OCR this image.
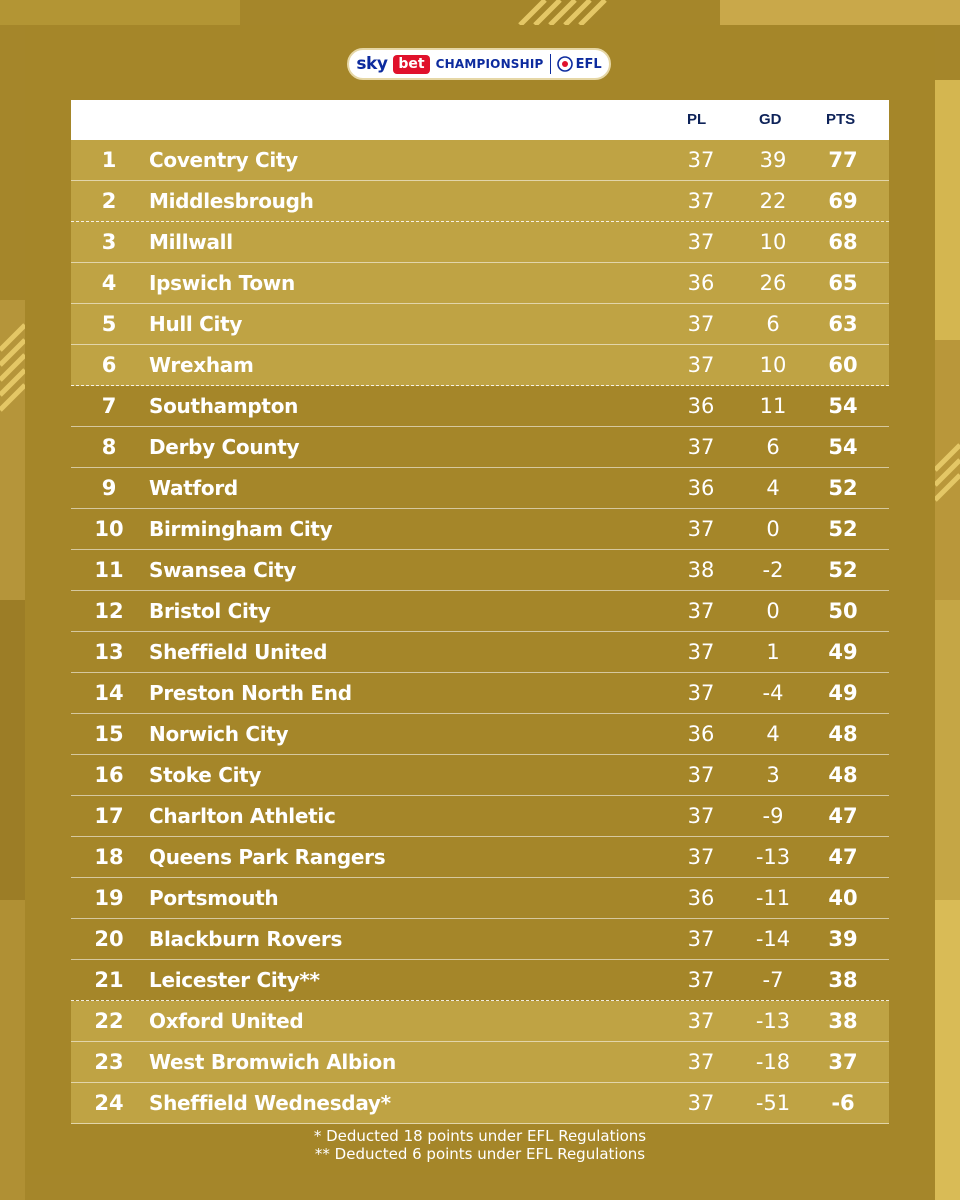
sky bet CHAMPIONSHIP EFL
PL	GD	PTS
1	Coventry City	37	39	77
2	Middlesbrough	37	22	69
3	Millwall	37	10	68
4	Ipswich Town	36	26	65
5	Hull City	37	6	63
6	Wrexham	37	10	60
7	Southampton	36	11	54
8	Derby County	37	6	54
9	Watford	36	4	52
10 Birmingham City	37	0	52
11 Swansea City	38	-2	52
12 Bristol City	37	0	50
13 Sheffield United	37	1	49
14 Preston North End	37	-4	49
15 Norwich City	36	4	48
16 Stoke City	37	3	48
17 Charlton Athletic	37	-9	47
18 Queens Park Rangers	37	-13	47
19 Portsmouth	36	-11	40
20 Blackburn Rovers	37	-14	39
21 Leicester City**	37	-7	38
22 Oxford United	37	-13	38
23 West Bromwich Albion	37	-18	37
24 Sheffield Wednesday*	37	-51	-6
* Deducted 18 points under EFL Regulations
** Deducted 6 points under EFL Regulations
